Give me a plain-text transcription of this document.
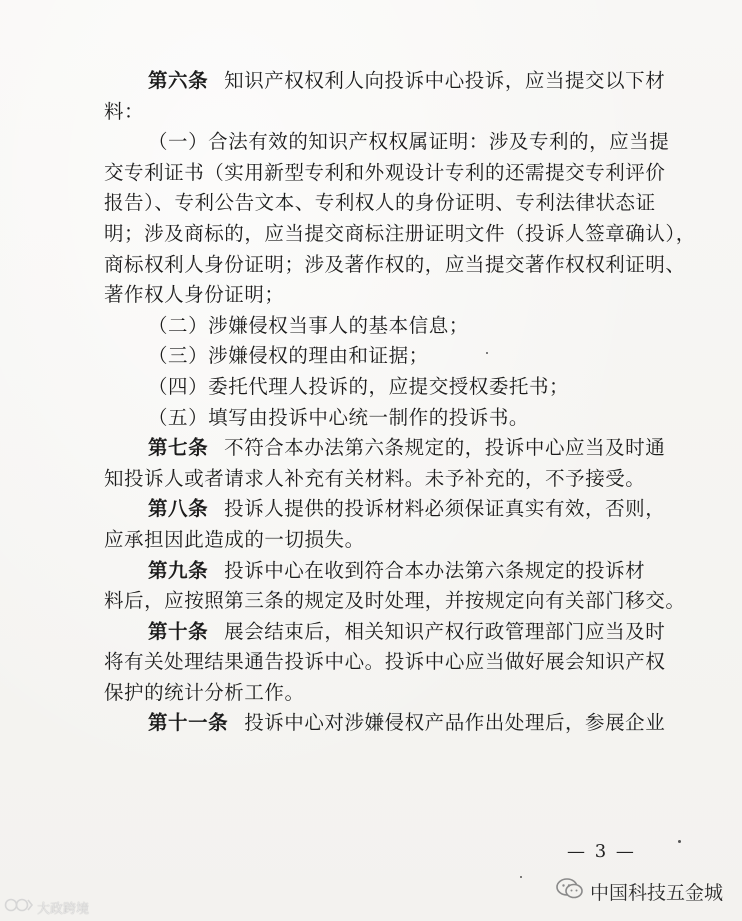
第六条 知识产权权利人向投诉中心投诉，应当提交以下材
料：
（一）合法有效的知识产权权属证明：涉及专利的，应当提
交专利证书（实用新型专利和外观设计专利的还需提交专利评价
报告）、专利公告文本、专利权人的身份证明、专利法律状态证
明；涉及商标的，应当提交商标注册证明文件（投诉人签章确认），
商标权利人身份证明；涉及著作权的，应当提交著作权权利证明、
著作权人身份证明；
（二）涉嫌侵权当事人的基本信息；
（三）涉嫌侵权的理由和证据；
（四）委托代理人投诉的，应提交授权委托书；
（五）填写由投诉中心统一制作的投诉书。
第七条 不符合本办法第六条规定的，投诉中心应当及时通
知投诉人或者请求人补充有关材料。未予补充的，不予接受。
第八条 投诉人提供的投诉材料必须保证真实有效，否则，
应承担因此造成的一切损失。
第九条 投诉中心在收到符合本办法第六条规定的投诉材
料后，应按照第三条的规定及时处理，并按规定向有关部门移交。
第十条 展会结束后，相关知识产权行政管理部门应当及时
将有关处理结果通告投诉中心。投诉中心应当做好展会知识产权
保护的统计分析工作。
第十一条 投诉中心对涉嫌侵权产品作出处理后，参展企业
— 3 —
中国科技五金城
大政跨境
